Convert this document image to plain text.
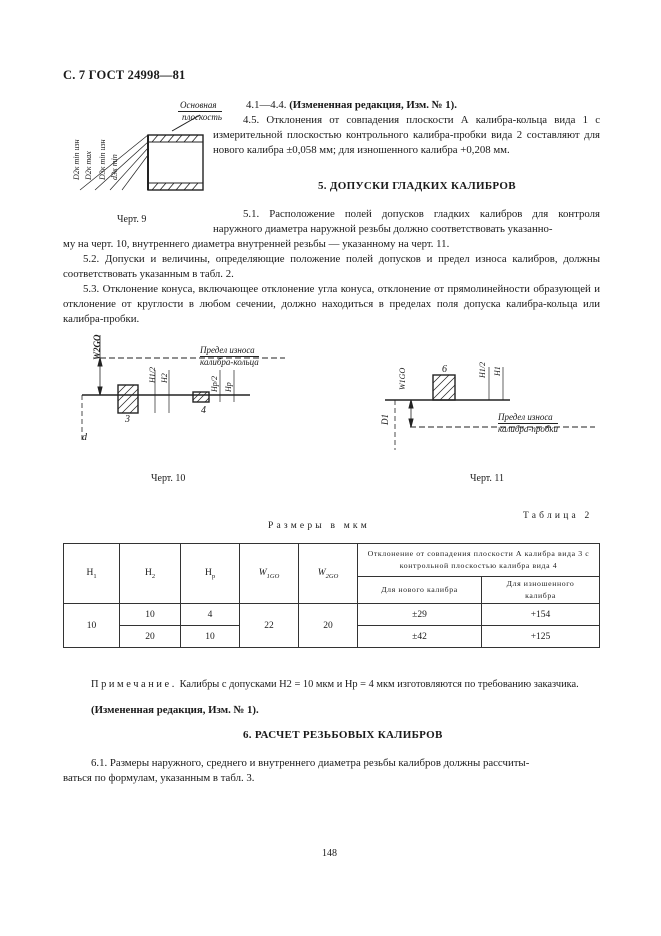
С. 7 ГОСТ 24998—81
Основная
плоскость
D2к min изн D2к max D3к min изн d3к min
Черт. 9
4.1—4.4. (Измененная редакция, Изм. № 1).
4.5. Отклонения от совпадения плоскости А калибра-кольца вида 1 с измерительной плоскостью контрольного калибра-пробки вида 2 составляют для нового калибра ±0,058 мм; для изношенного калибра +0,208 мм.
5. ДОПУСКИ ГЛАДКИХ КАЛИБРОВ
5.1. Расположение полей допусков гладких калибров для контроля наружного диаметра наружной резьбы должно соответствовать указанно-
му на черт. 10, внутреннего диаметра внутренней резьбы — указанному на черт. 11.
5.2. Допуски и величины, определяющие положение полей допусков и предел износа калибров, должны соответствовать указанным в табл. 2.
5.3. Отклонение конуса, включающее отклонение угла конуса, отклонение от прямолинейности образующей и отклонение от круглости в любом сечении, должно находиться в пределах поля допуска калибра-кольца или калибра-пробки.
W2GO	Предел износа
калибра-кольца
H1/2 H2	Hp/2 Hp
3
4
d
Черт. 10
W1GO	6	H1/2 H1
D1	Предел износа
калибра-пробки
Черт. 11
Таблица 2
Размеры в мкм
$H_1$	$H_2$	$H_p$	$W_{1GO}$	$W_{2GO}$	Отклонение от совпадения плоскости А калибра вида 3 с контрольной плоскостью калибра вида 4	
					Для нового калибра	Для изношенного калибра
10	10	4	22	20	±29	+154
	20	10			±42	+125
Примечание. Калибры с допусками H2 = 10 мкм и Hp = 4 мкм изготовляются по требованию заказчика.
(Измененная редакция, Изм. № 1).
6. РАСЧЕТ РЕЗЬБОВЫХ КАЛИБРОВ
6.1. Размеры наружного, среднего и внутреннего диаметра резьбы калибров должны рассчиты-
ваться по формулам, указанным в табл. 3.
148
